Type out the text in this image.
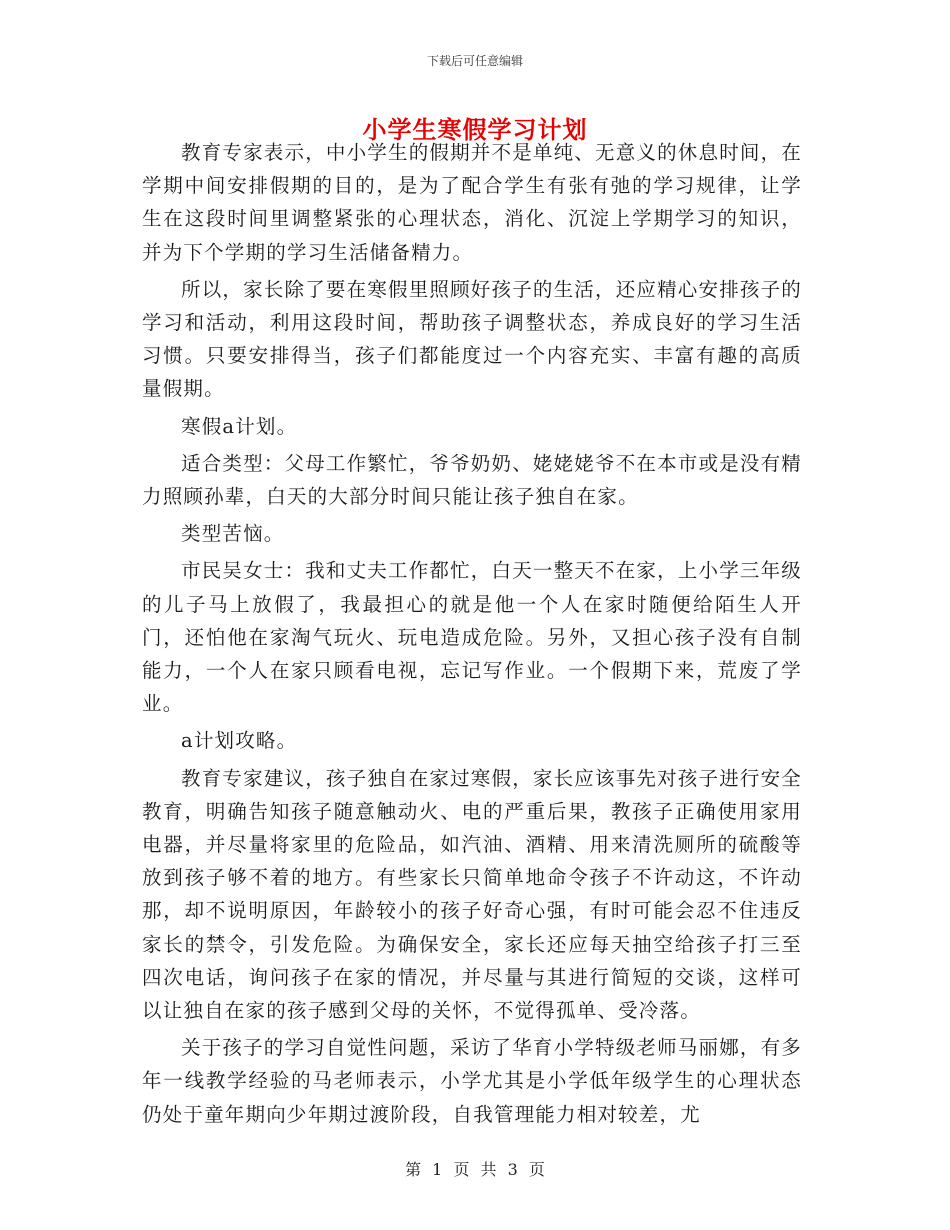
下载后可任意编辑
小学生寒假学习计划

教育专家表示，中小学生的假期并不是单纯、无意义的休息时间，在学期中间安排假期的目的，是为了配合学生有张有弛的学习规律，让学生在这段时间里调整紧张的心理状态，消化、沉淀上学期学习的知识，并为下个学期的学习生活储备精力。

所以，家长除了要在寒假里照顾好孩子的生活，还应精心安排孩子的学习和活动，利用这段时间，帮助孩子调整状态，养成良好的学习生活习惯。只要安排得当，孩子们都能度过一个内容充实、丰富有趣的高质量假期。

寒假a计划。

适合类型：父母工作繁忙，爷爷奶奶、姥姥姥爷不在本市或是没有精力照顾孙辈，白天的大部分时间只能让孩子独自在家。

类型苦恼。

市民吴女士：我和丈夫工作都忙，白天一整天不在家，上小学三年级的儿子马上放假了，我最担心的就是他一个人在家时随便给陌生人开门，还怕他在家淘气玩火、玩电造成危险。另外，又担心孩子没有自制能力，一个人在家只顾看电视，忘记写作业。一个假期下来，荒废了学业。

a计划攻略。

教育专家建议，孩子独自在家过寒假，家长应该事先对孩子进行安全教育，明确告知孩子随意触动火、电的严重后果，教孩子正确使用家用电器，并尽量将家里的危险品，如汽油、酒精、用来清洗厕所的硫酸等放到孩子够不着的地方。有些家长只简单地命令孩子不许动这，不许动那，却不说明原因，年龄较小的孩子好奇心强，有时可能会忍不住违反家长的禁令，引发危险。为确保安全，家长还应每天抽空给孩子打三至四次电话，询问孩子在家的情况，并尽量与其进行简短的交谈，这样可以让独自在家的孩子感到父母的关怀，不觉得孤单、受冷落。

关于孩子的学习自觉性问题，采访了华育小学特级老师马丽娜，有多年一线教学经验的马老师表示，小学尤其是小学低年级学生的心理状态仍处于童年期向少年期过渡阶段，自我管理能力相对较差，尤

第 1 页 共 3 页
